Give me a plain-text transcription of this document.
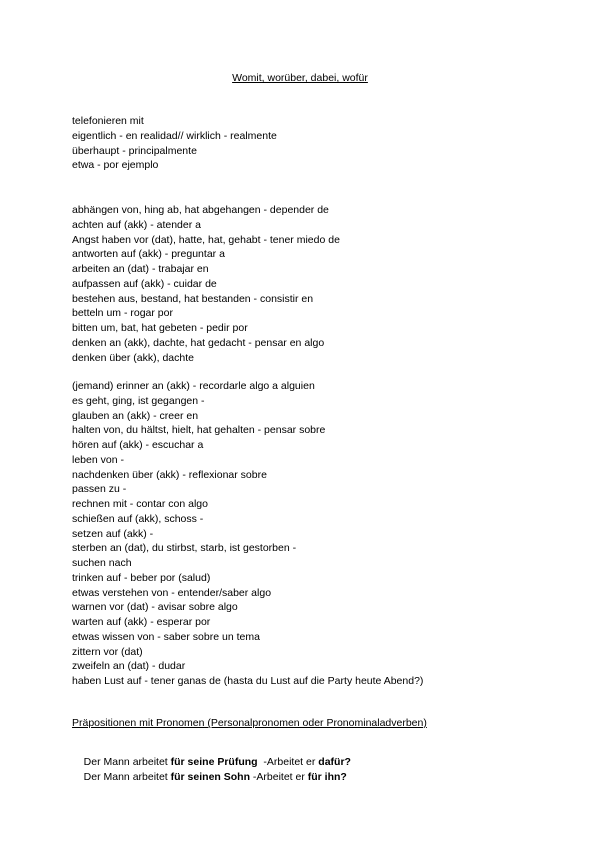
Womit, worüber, dabei, wofür
telefonieren mit
eigentlich - en realidad// wirklich - realmente
überhaupt - principalmente
etwa - por ejemplo
abhängen von, hing ab, hat abgehangen - depender de
achten auf (akk) - atender a
Angst haben vor (dat), hatte, hat, gehabt - tener miedo de
antworten auf (akk) - preguntar a
arbeiten an (dat) - trabajar en
aufpassen auf (akk) - cuidar de
bestehen aus, bestand, hat bestanden - consistir en
betteln um - rogar por
bitten um, bat, hat gebeten - pedir por
denken an (akk), dachte, hat gedacht - pensar en algo
denken über (akk), dachte
(jemand) erinner an (akk) - recordarle algo a alguien
es geht, ging, ist gegangen -
glauben an (akk) - creer en
halten von, du hältst, hielt, hat gehalten - pensar sobre
hören auf (akk) - escuchar a
leben von -
nachdenken über (akk) - reflexionar sobre
passen zu -
rechnen mit - contar con algo
schießen auf (akk), schoss -
setzen auf (akk) -
sterben an (dat), du stirbst, starb, ist gestorben -
suchen nach
trinken auf - beber por (salud)
etwas verstehen von - entender/saber algo
warnen vor (dat) - avisar sobre algo
warten auf (akk) - esperar por
etwas wissen von - saber sobre un tema
zittern vor (dat)
zweifeln an (dat) - dudar
haben Lust auf - tener ganas de (hasta du Lust auf die Party heute Abend?)
Präpositionen mit Pronomen (Personalpronomen oder Pronominaladverben)

Der Mann arbeitet für seine Prüfung  -Arbeitet er dafür?

Der Mann arbeitet für seinen Sohn -Arbeitet er für ihn?
